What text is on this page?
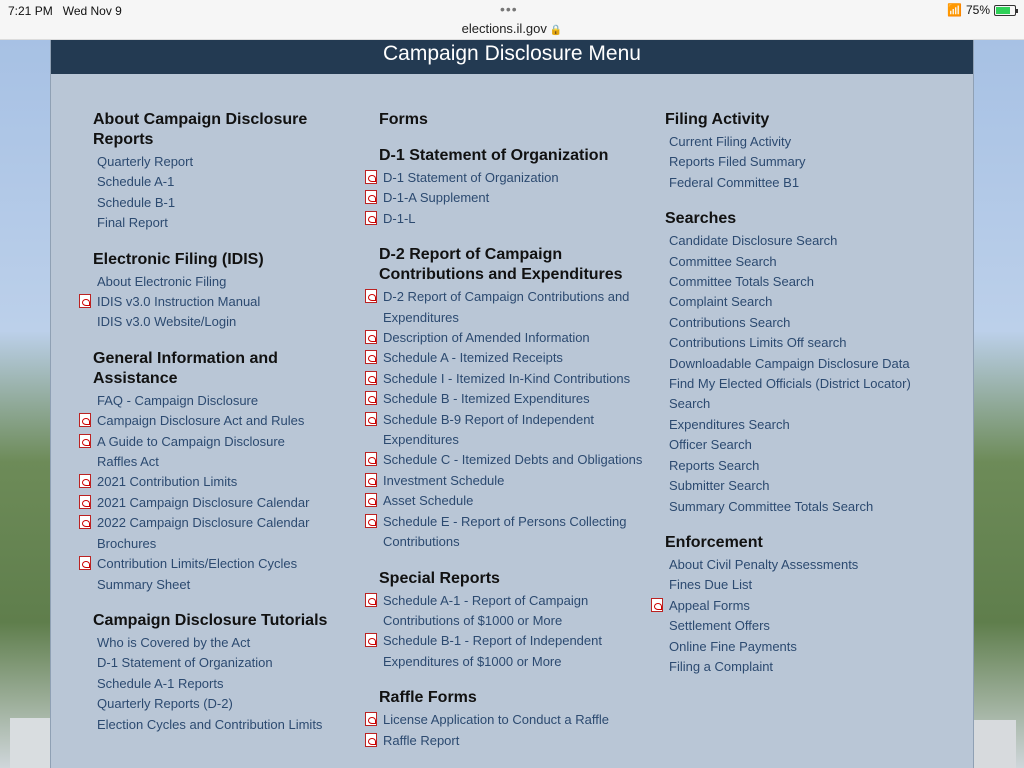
7:21 PM Wed Nov 9	•••
elections.il.gov 🔒
📶 75%
Campaign Disclosure Menu
About Campaign Disclosure Reports
Quarterly Report
Schedule A-1
Schedule B-1
Final Report
Electronic Filing (IDIS)
About Electronic Filing
IDIS v3.0 Instruction Manual
IDIS v3.0 Website/Login
General Information and Assistance
FAQ - Campaign Disclosure
Campaign Disclosure Act and Rules
A Guide to Campaign Disclosure
Raffles Act
2021 Contribution Limits
2021 Campaign Disclosure Calendar
2022 Campaign Disclosure Calendar
Brochures
Contribution Limits/Election Cycles
Summary Sheet
Campaign Disclosure Tutorials
Who is Covered by the Act
D-1 Statement of Organization
Schedule A-1 Reports
Quarterly Reports (D-2)
Election Cycles and Contribution Limits
Forms
D-1 Statement of Organization
D-1 Statement of Organization
D-1-A Supplement
D-1-L
D-2 Report of Campaign Contributions and Expenditures
D-2 Report of Campaign Contributions and Expenditures
Description of Amended Information
Schedule A - Itemized Receipts
Schedule I - Itemized In-Kind Contributions
Schedule B - Itemized Expenditures
Schedule B-9 Report of Independent Expenditures
Schedule C - Itemized Debts and Obligations
Investment Schedule
Asset Schedule
Schedule E - Report of Persons Collecting Contributions
Special Reports
Schedule A-1 - Report of Campaign Contributions of $1000 or More
Schedule B-1 - Report of Independent Expenditures of $1000 or More
Raffle Forms
License Application to Conduct a Raffle
Raffle Report
Filing Activity
Current Filing Activity
Reports Filed Summary
Federal Committee B1
Searches
Candidate Disclosure Search
Committee Search
Committee Totals Search
Complaint Search
Contributions Search
Contributions Limits Off search
Downloadable Campaign Disclosure Data
Find My Elected Officials (District Locator) Search
Expenditures Search
Officer Search
Reports Search
Submitter Search
Summary Committee Totals Search
Enforcement
About Civil Penalty Assessments
Fines Due List
Appeal Forms
Settlement Offers
Online Fine Payments
Filing a Complaint
